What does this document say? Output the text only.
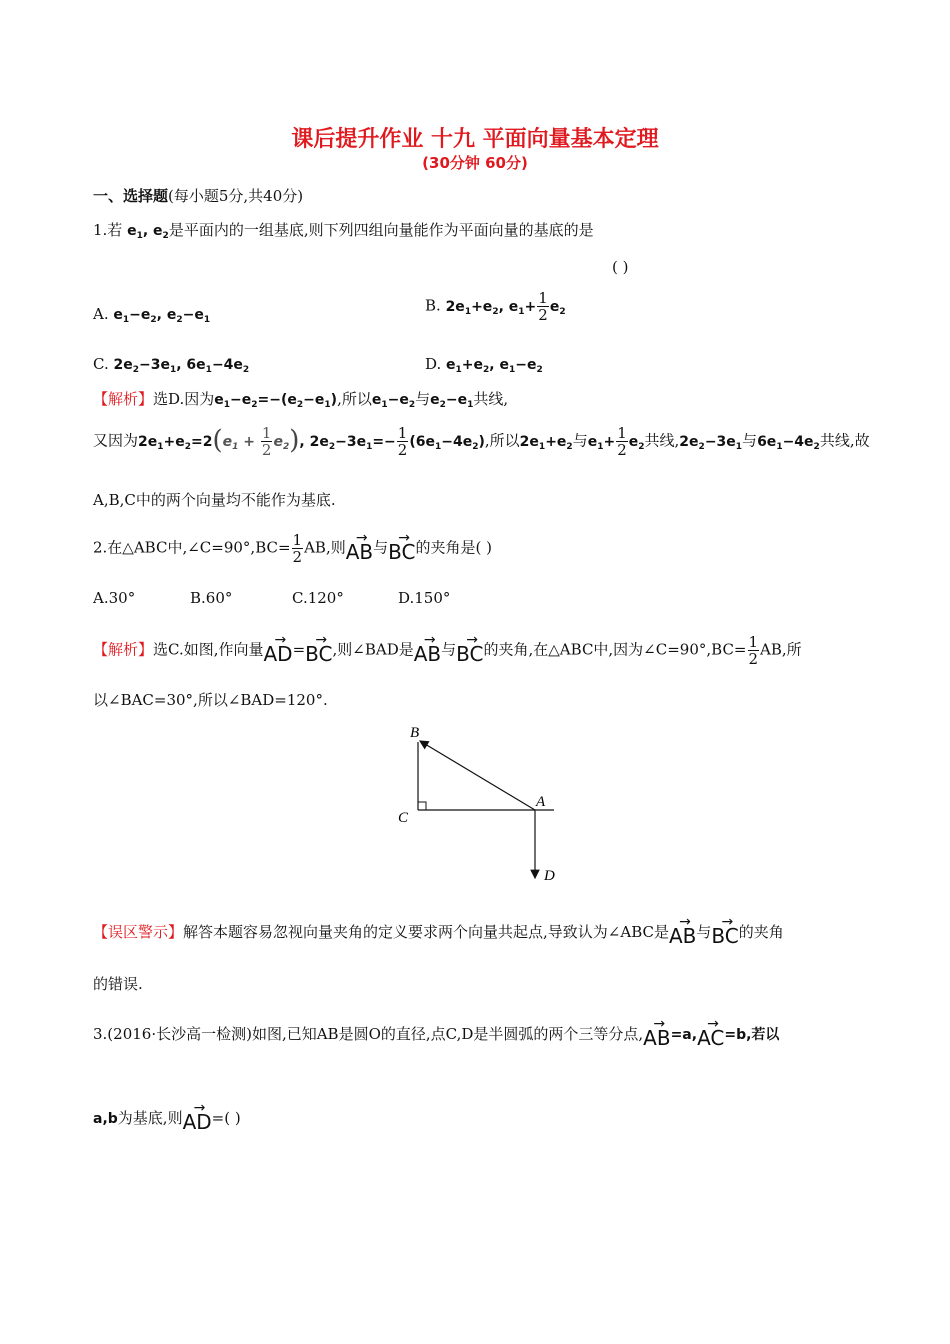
课后提升作业 十九 平面向量基本定理
(30分钟 60分)
一、选择题(每小题5分,共40分)
1.若 $e_1$, $e_2$是平面内的一组基底,则下列四组向量能作为平面向量的基底的是
( )
A. $e_1-e_2$, $e_2-e_1$
B. $2e_1+e_2$, $e_1+ \frac{1}{2} e_2$
C. $2e_2-3e_1$, $6e_1-4e_2$	D. $e_1+e_2$, $e_1-e_2$
【解析】选D.因为$e_1-e_2=-(e_2-e_1)$,所以$e_1-e_2$与$e_2-e_1$共线,
又因为$2e_1+e_2=2(e_1 + \frac{1}{2} e_2)$, $2e_2-3e_1=- \frac{1}{2} (6e_1-4e_2)$,所以$2e_1+e_2$与$e_1+ \frac{1}{2} e_2$共线$,2e_2-3e_1$与$6e_1-4e_2$共线,故
A,B,C中的两个向量均不能作为基底.
2.在△ABC中,∠C=90°,BC= $\frac{1}{2}$ AB,则→ AB与→ BC的夹角是( )
A.30°	B.60°	C.120°	D.150°
【解析】选C.如图,作向量→ AD=→ BC,则∠BAD是→ AB与→ BC的夹角,在△ABC中,因为∠C=90°,BC= $\frac{1}{2}$ AB,所
以∠BAC=30°,所以∠BAD=120°.
B
C
A
D
【误区警示】解答本题容易忽视向量夹角的定义要求两个向量共起点,导致认为∠ABC是→ AB与→ BC的夹角
的错误.
3.(2016·长沙高一检测)如图,已知AB是圆O的直径,点C,D是半圆弧的两个三等分点,→ AB=a,→ AC=b,若以
a,b为基底,则→ AD=( )
